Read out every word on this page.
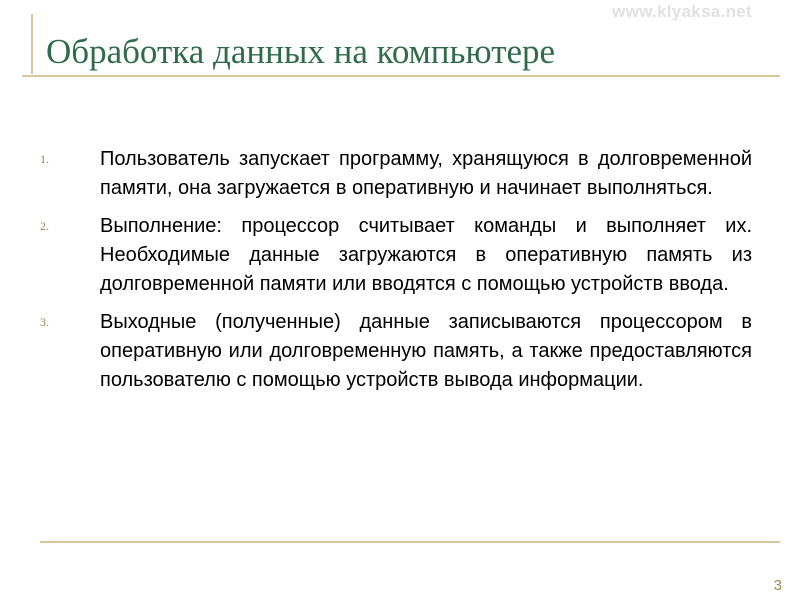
www.klyaksa.net
Обработка данных на компьютере
1.	Пользователь запускает программу, хранящуюся в долговременной памяти, она загружается в оперативную и начинает выполняться.
2.	Выполнение: процессор считывает команды и выполняет их. Необходимые данные загружаются в оперативную память из долговременной памяти или вводятся с помощью устройств ввода.
3.	Выходные (полученные) данные записываются процессором в оперативную или долговременную память, а также предоставляются пользователю с помощью устройств вывода информации.
3
